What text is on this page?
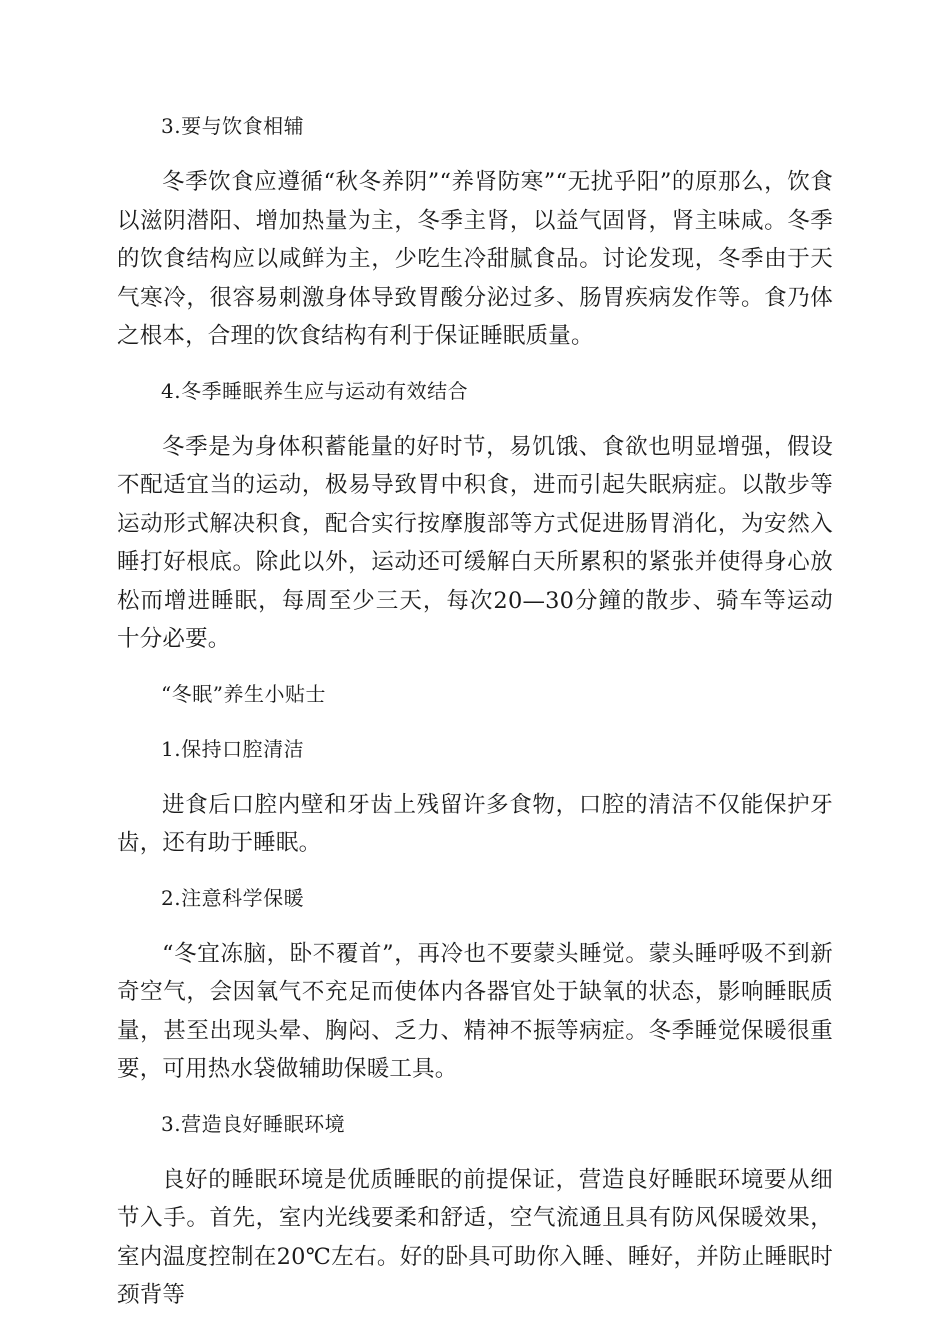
3.要与饮食相辅
冬季饮食应遵循“秋冬养阴”“养肾防寒”“无扰乎阳”的原那么，饮食以滋阴潜阳、增加热量为主，冬季主肾，以益气固肾，肾主味咸。冬季的饮食结构应以咸鲜为主，少吃生冷甜腻食品。讨论发现，冬季由于天气寒冷，很容易刺激身体导致胃酸分泌过多、肠胃疾病发作等。食乃体之根本，合理的饮食结构有利于保证睡眠质量。
4.冬季睡眠养生应与运动有效结合
冬季是为身体积蓄能量的好时节，易饥饿、食欲也明显增强，假设不配适宜当的运动，极易导致胃中积食，进而引起失眠病症。以散步等运动形式解决积食，配合实行按摩腹部等方式促进肠胃消化，为安然入睡打好根底。除此以外，运动还可缓解白天所累积的紧张并使得身心放松而增进睡眠，每周至少三天，每次20—30分鐘的散步、骑车等运动十分必要。
“冬眠”养生小贴士
1.保持口腔清洁
进食后口腔内壁和牙齿上残留许多食物，口腔的清洁不仅能保护牙齿，还有助于睡眠。
2.注意科学保暖
“冬宜冻脑，卧不覆首”，再冷也不要蒙头睡觉。蒙头睡呼吸不到新奇空气，会因氧气不充足而使体内各器官处于缺氧的状态，影响睡眠质量，甚至出现头晕、胸闷、乏力、精神不振等病症。冬季睡觉保暖很重要，可用热水袋做辅助保暖工具。
3.营造良好睡眠环境
良好的睡眠环境是优质睡眠的前提保证，营造良好睡眠环境要从细节入手。首先，室内光线要柔和舒适，空气流通且具有防风保暖效果，室内温度控制在20℃左右。好的卧具可助你入睡、睡好，并防止睡眠时颈背等
